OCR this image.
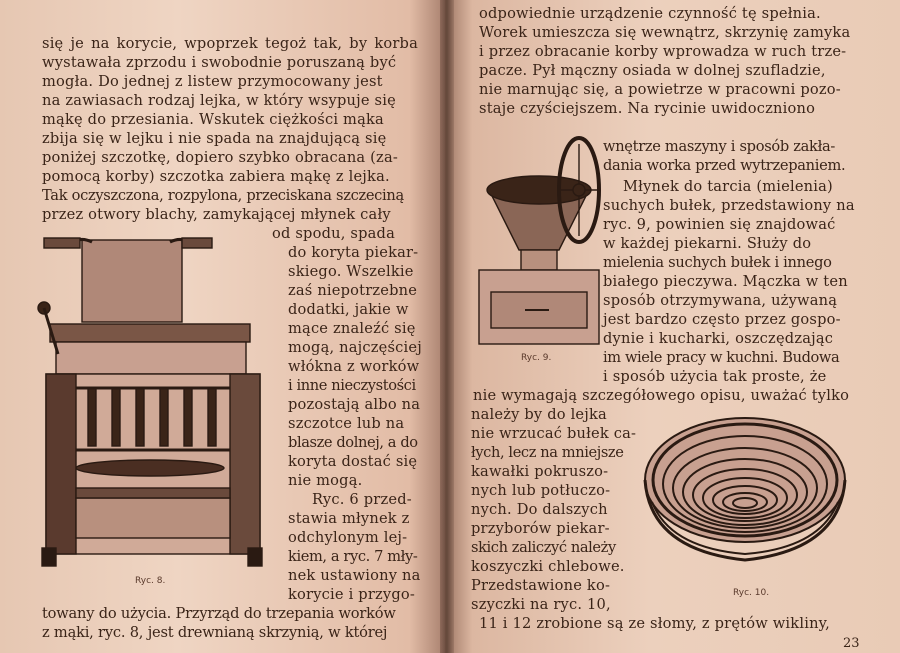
się je na korycie, wpoprzek tegoż tak, by korba
wystawała zprzodu i swobodnie poruszaną być
mogła. Do jednej z listew przymocowany jest
na zawiasach rodzaj lejka, w który wsypuje się
mąkę do przesiania. Wskutek ciężkości mąka
zbija się w lejku i nie spada na znajdującą się
poniżej szczotkę, dopiero szybko obracana (za-
pomocą korby) szczotka zabiera mąkę z lejka.
Tak oczyszczona, rozpylona, przeciskana szczeciną
przez otwory blachy, zamykającej młynek cały
Ryc. 8.
od spodu, spada
do koryta piekar-
skiego. Wszelkie
zaś niepotrzebne
dodatki, jakie w
mące znaleźć się
mogą, najczęściej
włókna z worków
i inne nieczystości
pozostają albo na
szczotce lub na
blasze dolnej, a do
koryta dostać się
nie mogą.
Ryc. 6 przed-
stawia młynek z
odchylonym lej-
kiem, a ryc. 7 mły-
nek ustawiony na
korycie i przygo-
towany do użycia. Przyrząd do trzepania worków
z mąki, ryc. 8, jest drewnianą skrzynią, w której
odpowiednie urządzenie czynność tę spełnia.
Worek umieszcza się wewnątrz, skrzynię zamyka
i przez obracanie korby wprowadza w ruch trze-
pacze. Pył mączny osiada w dolnej szufladzie,
nie marnując się, a powietrze w pracowni pozo-
staje czyściejszem. Na rycinie uwidoczniono
Ryc. 9.
wnętrze maszyny i sposób zakła-
dania worka przed wytrzepaniem.
Młynek do tarcia (mielenia)
suchych bułek, przedstawiony na
ryc. 9, powinien się znajdować
w każdej piekarni. Służy do
mielenia suchych bułek i innego
białego pieczywa. Mączka w ten
sposób otrzymywana, używaną
jest bardzo często przez gospo-
dynie i kucharki, oszczędzając
im wiele pracy w kuchni. Budowa
i sposób użycia tak proste, że
nie wymagają szczegółowego opisu, uważać tylko
należy by do lejka
nie wrzucać bułek ca-
łych, lecz na mniejsze
kawałki pokruszo-
nych lub potłuczo-
nych. Do dalszych
przyborów piekar-
skich zaliczyć należy
koszyczki chlebowe.
Przedstawione ko-
szyczki na ryc. 10,
Ryc. 10.
11 i 12 zrobione są ze słomy, z prętów wikliny,
23
